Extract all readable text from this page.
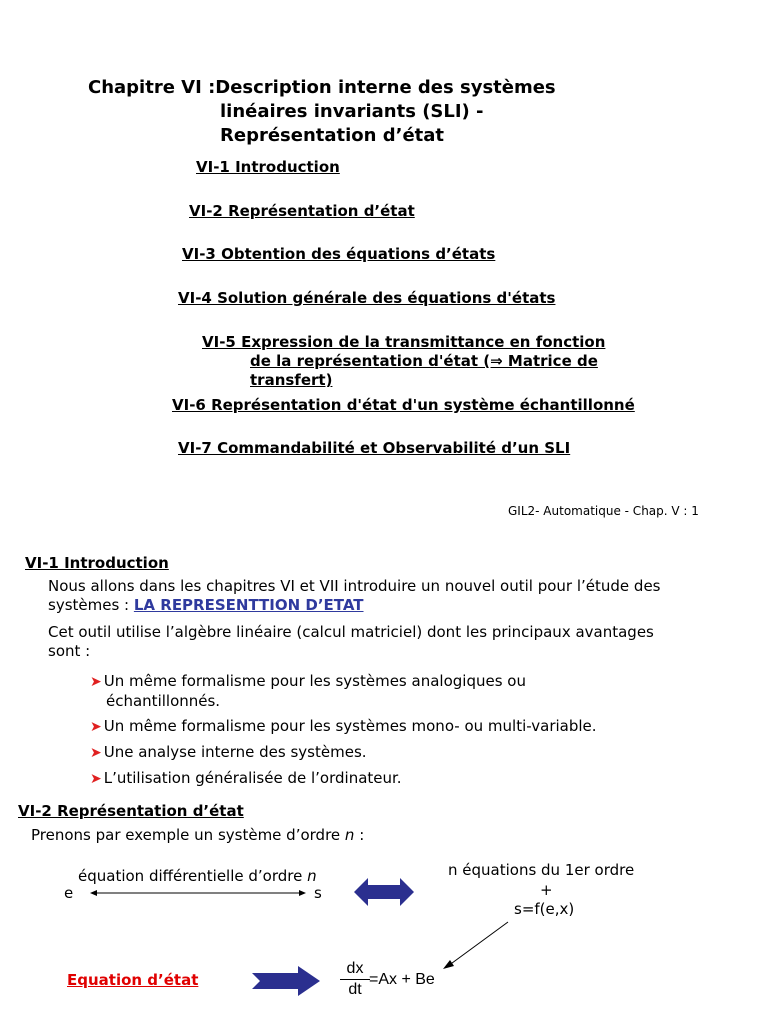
Chapitre VI :Description interne des systèmes
linéaires invariants (SLI) -
Représentation d’état
VI-1 Introduction
VI-2 Représentation d’état
VI-3 Obtention des équations d’états
VI-4 Solution générale des équations d'états
VI-5 Expression de la transmittance en fonction
de la représentation d'état (⇒ Matrice de
transfert)
VI-6 Représentation d'état d'un système échantillonné
VI-7 Commandabilité et Observabilité d’un SLI
GIL2- Automatique - Chap. V : 1
VI-1 Introduction
Nous allons dans les chapitres VI et VII introduire un nouvel outil pour l’étude des
systèmes : LA REPRESENTTION D’ETAT
Cet outil utilise l’algèbre linéaire (calcul matriciel) dont les principaux avantages
sont :
➤ Un même formalisme pour les systèmes analogiques ou
échantillonnés.
➤ Un même formalisme pour les systèmes mono- ou multi-variable.
➤ Une analyse interne des systèmes.
➤ L’utilisation généralisée de l’ordinateur.
VI-2 Représentation d’état
Prenons par exemple un système d’ordre n :
équation différentielle d’ordre n
e	s
n équations du 1er ordre
+
s=f(e,x)
Equation d’état
dx
dt
=Ax + Be
